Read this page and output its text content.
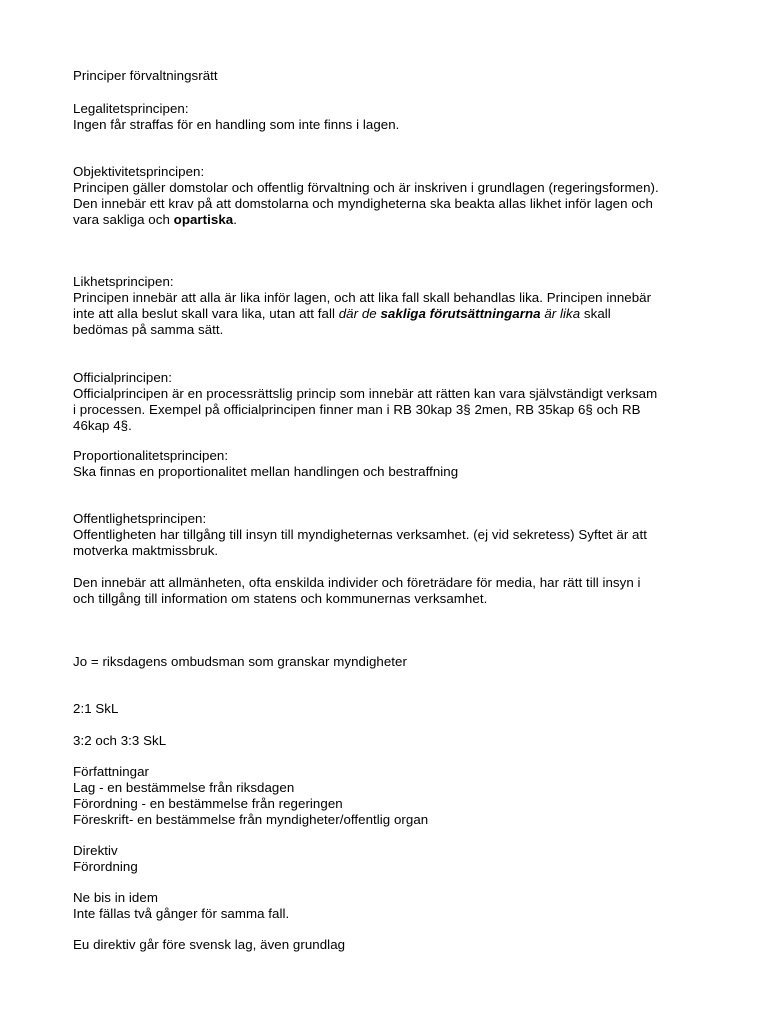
Principer förvaltningsrätt
Legalitetsprincipen:
Ingen får straffas för en handling som inte finns i lagen.
Objektivitetsprincipen:
Principen gäller domstolar och offentlig förvaltning och är inskriven i grundlagen (regeringsformen).
Den innebär ett krav på att domstolarna och myndigheterna ska beakta allas likhet inför lagen och
vara sakliga och opartiska.
Likhetsprincipen:
Principen innebär att alla är lika inför lagen, och att lika fall skall behandlas lika. Principen innebär
inte att alla beslut skall vara lika, utan att fall där de sakliga förutsättningarna är lika skall
bedömas på samma sätt.
Officialprincipen:
Officialprincipen är en processrättslig princip som innebär att rätten kan vara självständigt verksam
i processen. Exempel på officialprincipen finner man i RB 30kap 3§ 2men, RB 35kap 6§ och RB
46kap 4§.
Proportionalitetsprincipen:
Ska finnas en proportionalitet mellan handlingen och bestraffning
Offentlighetsprincipen:
Offentligheten har tillgång till insyn till myndigheternas verksamhet. (ej vid sekretess) Syftet är att
motverka maktmissbruk.
Den innebär att allmänheten, ofta enskilda individer och företrädare för media, har rätt till insyn i
och tillgång till information om statens och kommunernas verksamhet.
Jo = riksdagens ombudsman som granskar myndigheter
2:1 SkL
3:2 och 3:3 SkL
Författningar
Lag - en bestämmelse från riksdagen
Förordning - en bestämmelse från regeringen
Föreskrift- en bestämmelse från myndigheter/offentlig organ
Direktiv
Förordning
Ne bis in idem
Inte fällas två gånger för samma fall.
Eu direktiv går före svensk lag, även grundlag
